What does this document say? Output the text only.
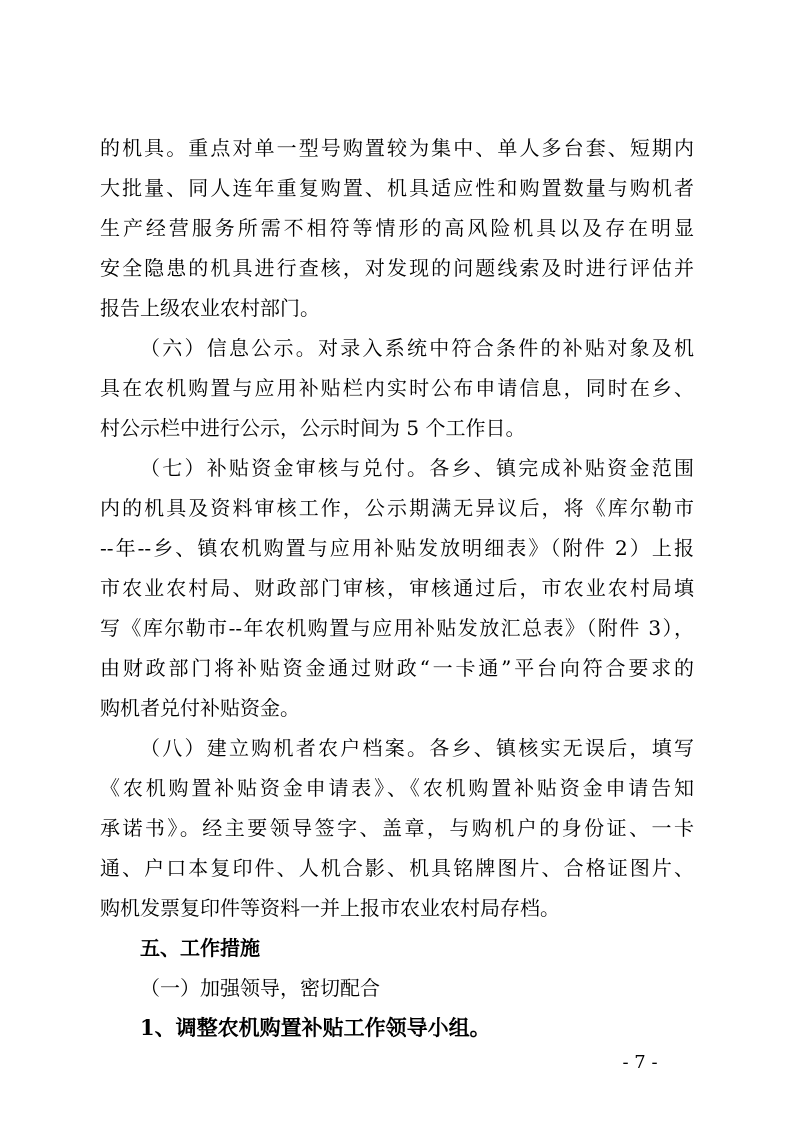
的机具。重点对单一型号购置较为集中、单人多台套、短期内
大批量、同人连年重复购置、机具适应性和购置数量与购机者
生产经营服务所需不相符等情形的高风险机具以及存在明显
安全隐患的机具进行查核，对发现的问题线索及时进行评估并
报告上级农业农村部门。
（六）信息公示。对录入系统中符合条件的补贴对象及机
具在农机购置与应用补贴栏内实时公布申请信息，同时在乡、
村公示栏中进行公示，公示时间为 5 个工作日。
（七）补贴资金审核与兑付。各乡、镇完成补贴资金范围
内的机具及资料审核工作，公示期满无异议后，将《库尔勒市
--年--乡、镇农机购置与应用补贴发放明细表》（附件 2）上报
市农业农村局、财政部门审核，审核通过后，市农业农村局填
写《库尔勒市--年农机购置与应用补贴发放汇总表》（附件 3），
由财政部门将补贴资金通过财政“一卡通”平台向符合要求的
购机者兑付补贴资金。
（八）建立购机者农户档案。各乡、镇核实无误后，填写
《农机购置补贴资金申请表》、《农机购置补贴资金申请告知
承诺书》。经主要领导签字、盖章，与购机户的身份证、一卡
通、户口本复印件、人机合影、机具铭牌图片、合格证图片、
购机发票复印件等资料一并上报市农业农村局存档。
五、工作措施
（一）加强领导，密切配合
1、调整农机购置补贴工作领导小组。
- 7 -
